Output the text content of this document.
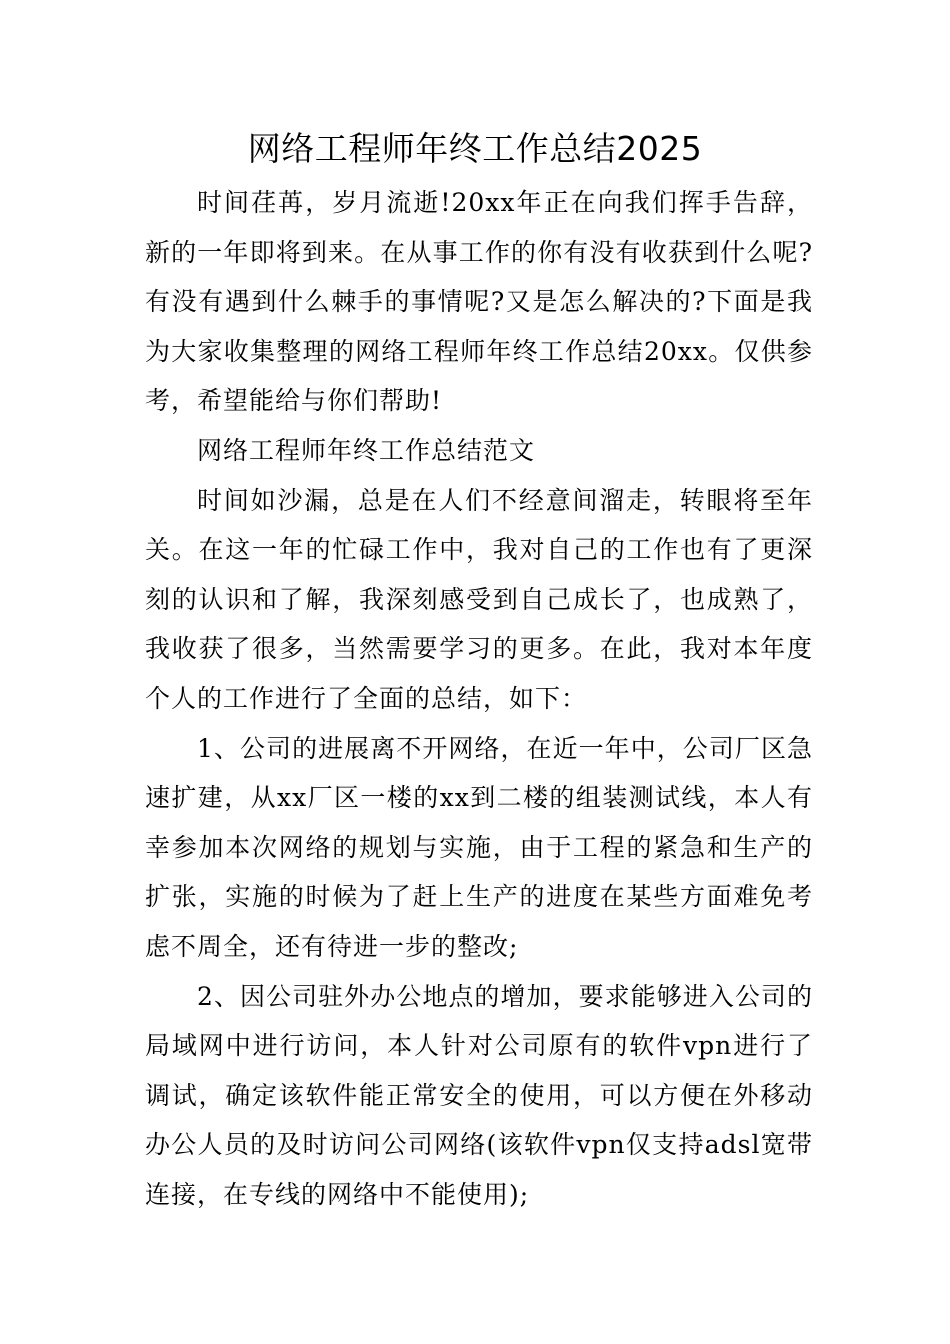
网络工程师年终工作总结2025

时间荏苒，岁月流逝!20xx年正在向我们挥手告辞，新的一年即将到来。在从事工作的你有没有收获到什么呢?有没有遇到什么棘手的事情呢?又是怎么解决的?下面是我为大家收集整理的网络工程师年终工作总结20xx。仅供参考，希望能给与你们帮助!

网络工程师年终工作总结范文

时间如沙漏，总是在人们不经意间溜走，转眼将至年关。在这一年的忙碌工作中，我对自己的工作也有了更深刻的认识和了解，我深刻感受到自己成长了，也成熟了，我收获了很多，当然需要学习的更多。在此，我对本年度个人的工作进行了全面的总结，如下：

1、公司的进展离不开网络，在近一年中，公司厂区急速扩建，从xx厂区一楼的xx到二楼的组装测试线，本人有幸参加本次网络的规划与实施，由于工程的紧急和生产的扩张，实施的时候为了赶上生产的进度在某些方面难免考虑不周全，还有待进一步的整改;

2、因公司驻外办公地点的增加，要求能够进入公司的局域网中进行访问，本人针对公司原有的软件vpn进行了调试，确定该软件能正常安全的使用，可以方便在外移动办公人员的及时访问公司网络(该软件vpn仅支持adsl宽带连接，在专线的网络中不能使用);
